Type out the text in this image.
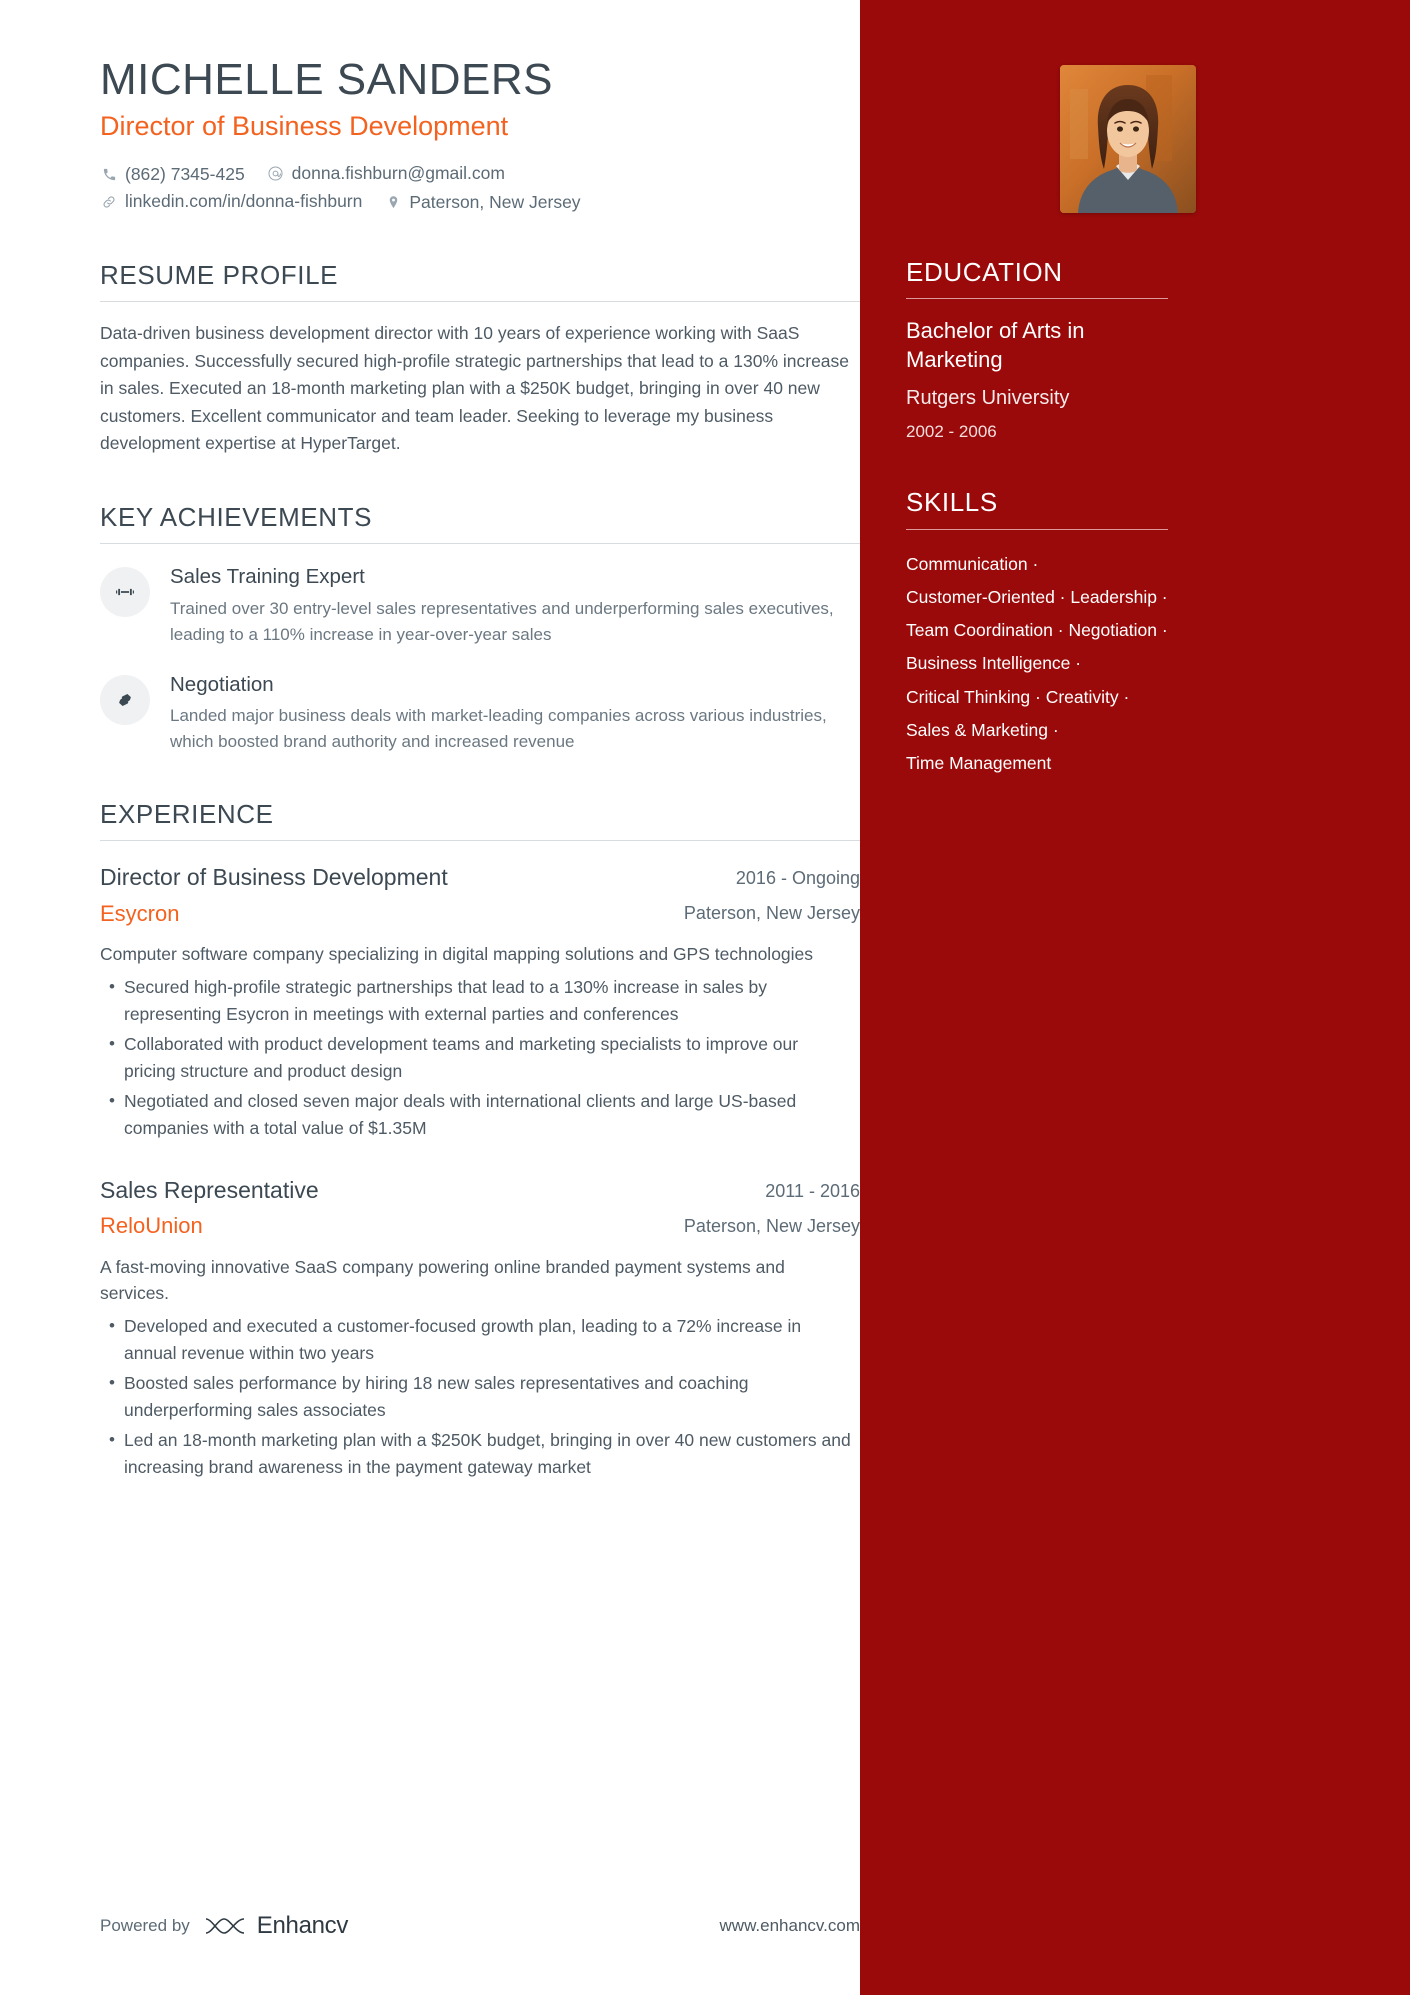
MICHELLE SANDERS
Director of Business Development
(862) 7345-425	donna.fishburn@gmail.com
linkedin.com/in/donna-fishburn	Paterson, New Jersey
RESUME PROFILE
Data-driven business development director with 10 years of experience working with SaaS companies. Successfully secured high-profile strategic partnerships that lead to a 130% increase in sales. Executed an 18-month marketing plan with a $250K budget, bringing in over 40 new customers. Excellent communicator and team leader. Seeking to leverage my business development expertise at HyperTarget.
KEY ACHIEVEMENTS
Sales Training Expert
Trained over 30 entry-level sales representatives and underperforming sales executives, leading to a 110% increase in year-over-year sales
Negotiation
Landed major business deals with market-leading companies across various industries, which boosted brand authority and increased revenue
EXPERIENCE
Director of Business Development
Esycron
2016 - Ongoing
Paterson, New Jersey
Computer software company specializing in digital mapping solutions and GPS technologies
• Secured high-profile strategic partnerships that lead to a 130% increase in sales by representing Esycron in meetings with external parties and conferences
• Collaborated with product development teams and marketing specialists to improve our pricing structure and product design
• Negotiated and closed seven major deals with international clients and large US-based companies with a total value of $1.35M
Sales Representative
ReloUnion
2011 - 2016
Paterson, New Jersey
A fast-moving innovative SaaS company powering online branded payment systems and services.
• Developed and executed a customer-focused growth plan, leading to a 72% increase in annual revenue within two years
• Boosted sales performance by hiring 18 new sales representatives and coaching underperforming sales associates
• Led an 18-month marketing plan with a $250K budget, bringing in over 40 new customers and increasing brand awareness in the payment gateway market
Powered by	Enhancv	www.enhancv.com
EDUCATION
Bachelor of Arts in Marketing
Rutgers University
2002 - 2006
SKILLS
Communication ·
Customer-Oriented · Leadership ·
Team Coordination · Negotiation ·
Business Intelligence ·
Critical Thinking · Creativity ·
Sales & Marketing ·
Time Management
